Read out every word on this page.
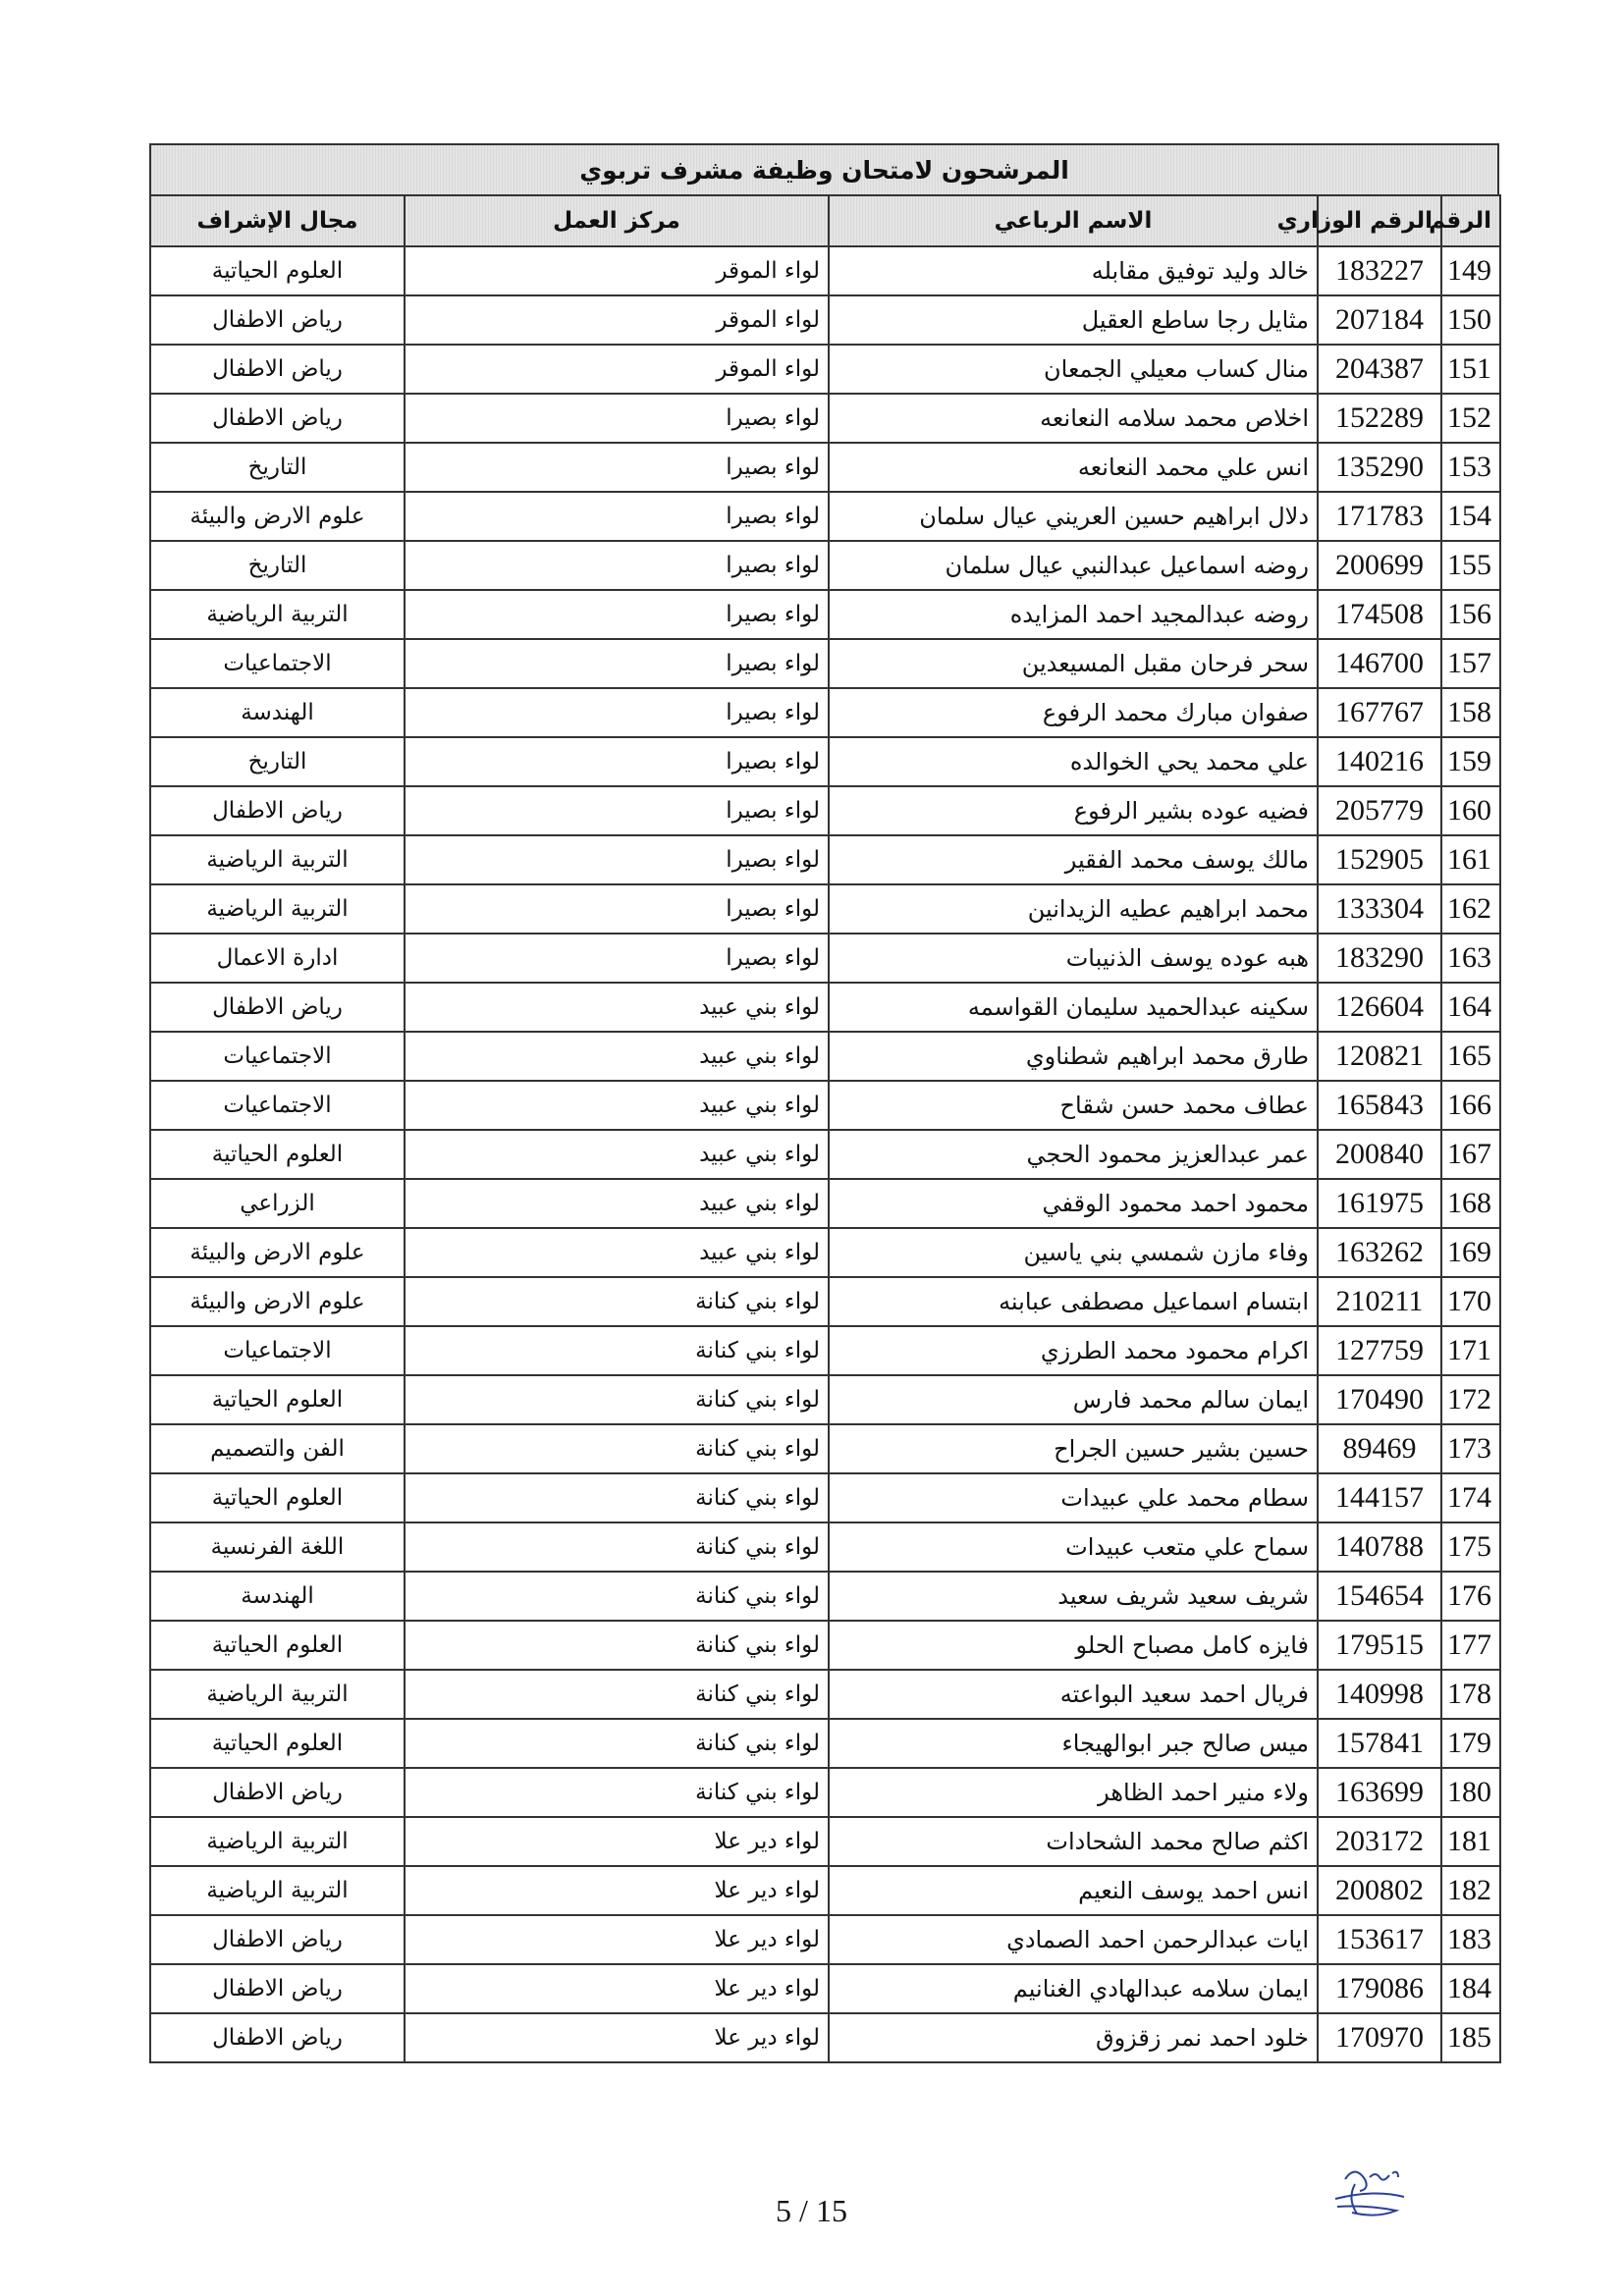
المرشحون لامتحان وظيفة مشرف تربوي
الرقم	الرقم الوزاري	الاسم الرباعي	مركز العمل	مجال الإشراف
149	183227	خالد وليد توفيق مقابله	لواء الموقر	العلوم الحياتية
150	207184	مثايل رجا ساطع العقيل	لواء الموقر	رياض الاطفال
151	204387	منال كساب معيلي الجمعان	لواء الموقر	رياض الاطفال
152	152289	اخلاص محمد سلامه النعانعه	لواء بصيرا	رياض الاطفال
153	135290	انس علي محمد النعانعه	لواء بصيرا	التاريخ
154	171783	دلال ابراهيم حسين العريني عيال سلمان	لواء بصيرا	علوم الارض والبيئة
155	200699	روضه اسماعيل عبدالنبي عيال سلمان	لواء بصيرا	التاريخ
156	174508	روضه عبدالمجيد احمد المزايده	لواء بصيرا	التربية الرياضية
157	146700	سحر فرحان مقبل المسيعدين	لواء بصيرا	الاجتماعيات
158	167767	صفوان مبارك محمد الرفوع	لواء بصيرا	الهندسة
159	140216	علي محمد يحي الخوالده	لواء بصيرا	التاريخ
160	205779	فضيه عوده بشير الرفوع	لواء بصيرا	رياض الاطفال
161	152905	مالك يوسف محمد الفقير	لواء بصيرا	التربية الرياضية
162	133304	محمد ابراهيم عطيه الزيدانين	لواء بصيرا	التربية الرياضية
163	183290	هبه عوده يوسف الذنيبات	لواء بصيرا	ادارة الاعمال
164	126604	سكينه عبدالحميد سليمان القواسمه	لواء بني عبيد	رياض الاطفال
165	120821	طارق محمد ابراهيم شطناوي	لواء بني عبيد	الاجتماعيات
166	165843	عطاف محمد حسن شقاح	لواء بني عبيد	الاجتماعيات
167	200840	عمر عبدالعزيز محمود الحجي	لواء بني عبيد	العلوم الحياتية
168	161975	محمود احمد محمود الوقفي	لواء بني عبيد	الزراعي
169	163262	وفاء مازن شمسي بني ياسين	لواء بني عبيد	علوم الارض والبيئة
170	210211	ابتسام اسماعيل مصطفى عبابنه	لواء بني كنانة	علوم الارض والبيئة
171	127759	اكرام محمود محمد الطرزي	لواء بني كنانة	الاجتماعيات
172	170490	ايمان سالم محمد فارس	لواء بني كنانة	العلوم الحياتية
173	89469	حسين بشير حسين الجراح	لواء بني كنانة	الفن والتصميم
174	144157	سطام محمد علي عبيدات	لواء بني كنانة	العلوم الحياتية
175	140788	سماح علي متعب عبيدات	لواء بني كنانة	اللغة الفرنسية
176	154654	شريف سعيد شريف سعيد	لواء بني كنانة	الهندسة
177	179515	فايزه كامل مصباح الحلو	لواء بني كنانة	العلوم الحياتية
178	140998	فريال احمد سعيد البواعته	لواء بني كنانة	التربية الرياضية
179	157841	ميس صالح جبر ابوالهيجاء	لواء بني كنانة	العلوم الحياتية
180	163699	ولاء منير احمد الظاهر	لواء بني كنانة	رياض الاطفال
181	203172	اكثم صالح محمد الشحادات	لواء دير علا	التربية الرياضية
182	200802	انس احمد يوسف النعيم	لواء دير علا	التربية الرياضية
183	153617	ايات عبدالرحمن احمد الصمادي	لواء دير علا	رياض الاطفال
184	179086	ايمان سلامه عبدالهادي الغنانيم	لواء دير علا	رياض الاطفال
185	170970	خلود احمد نمر زقزوق	لواء دير علا	رياض الاطفال
5 / 15
